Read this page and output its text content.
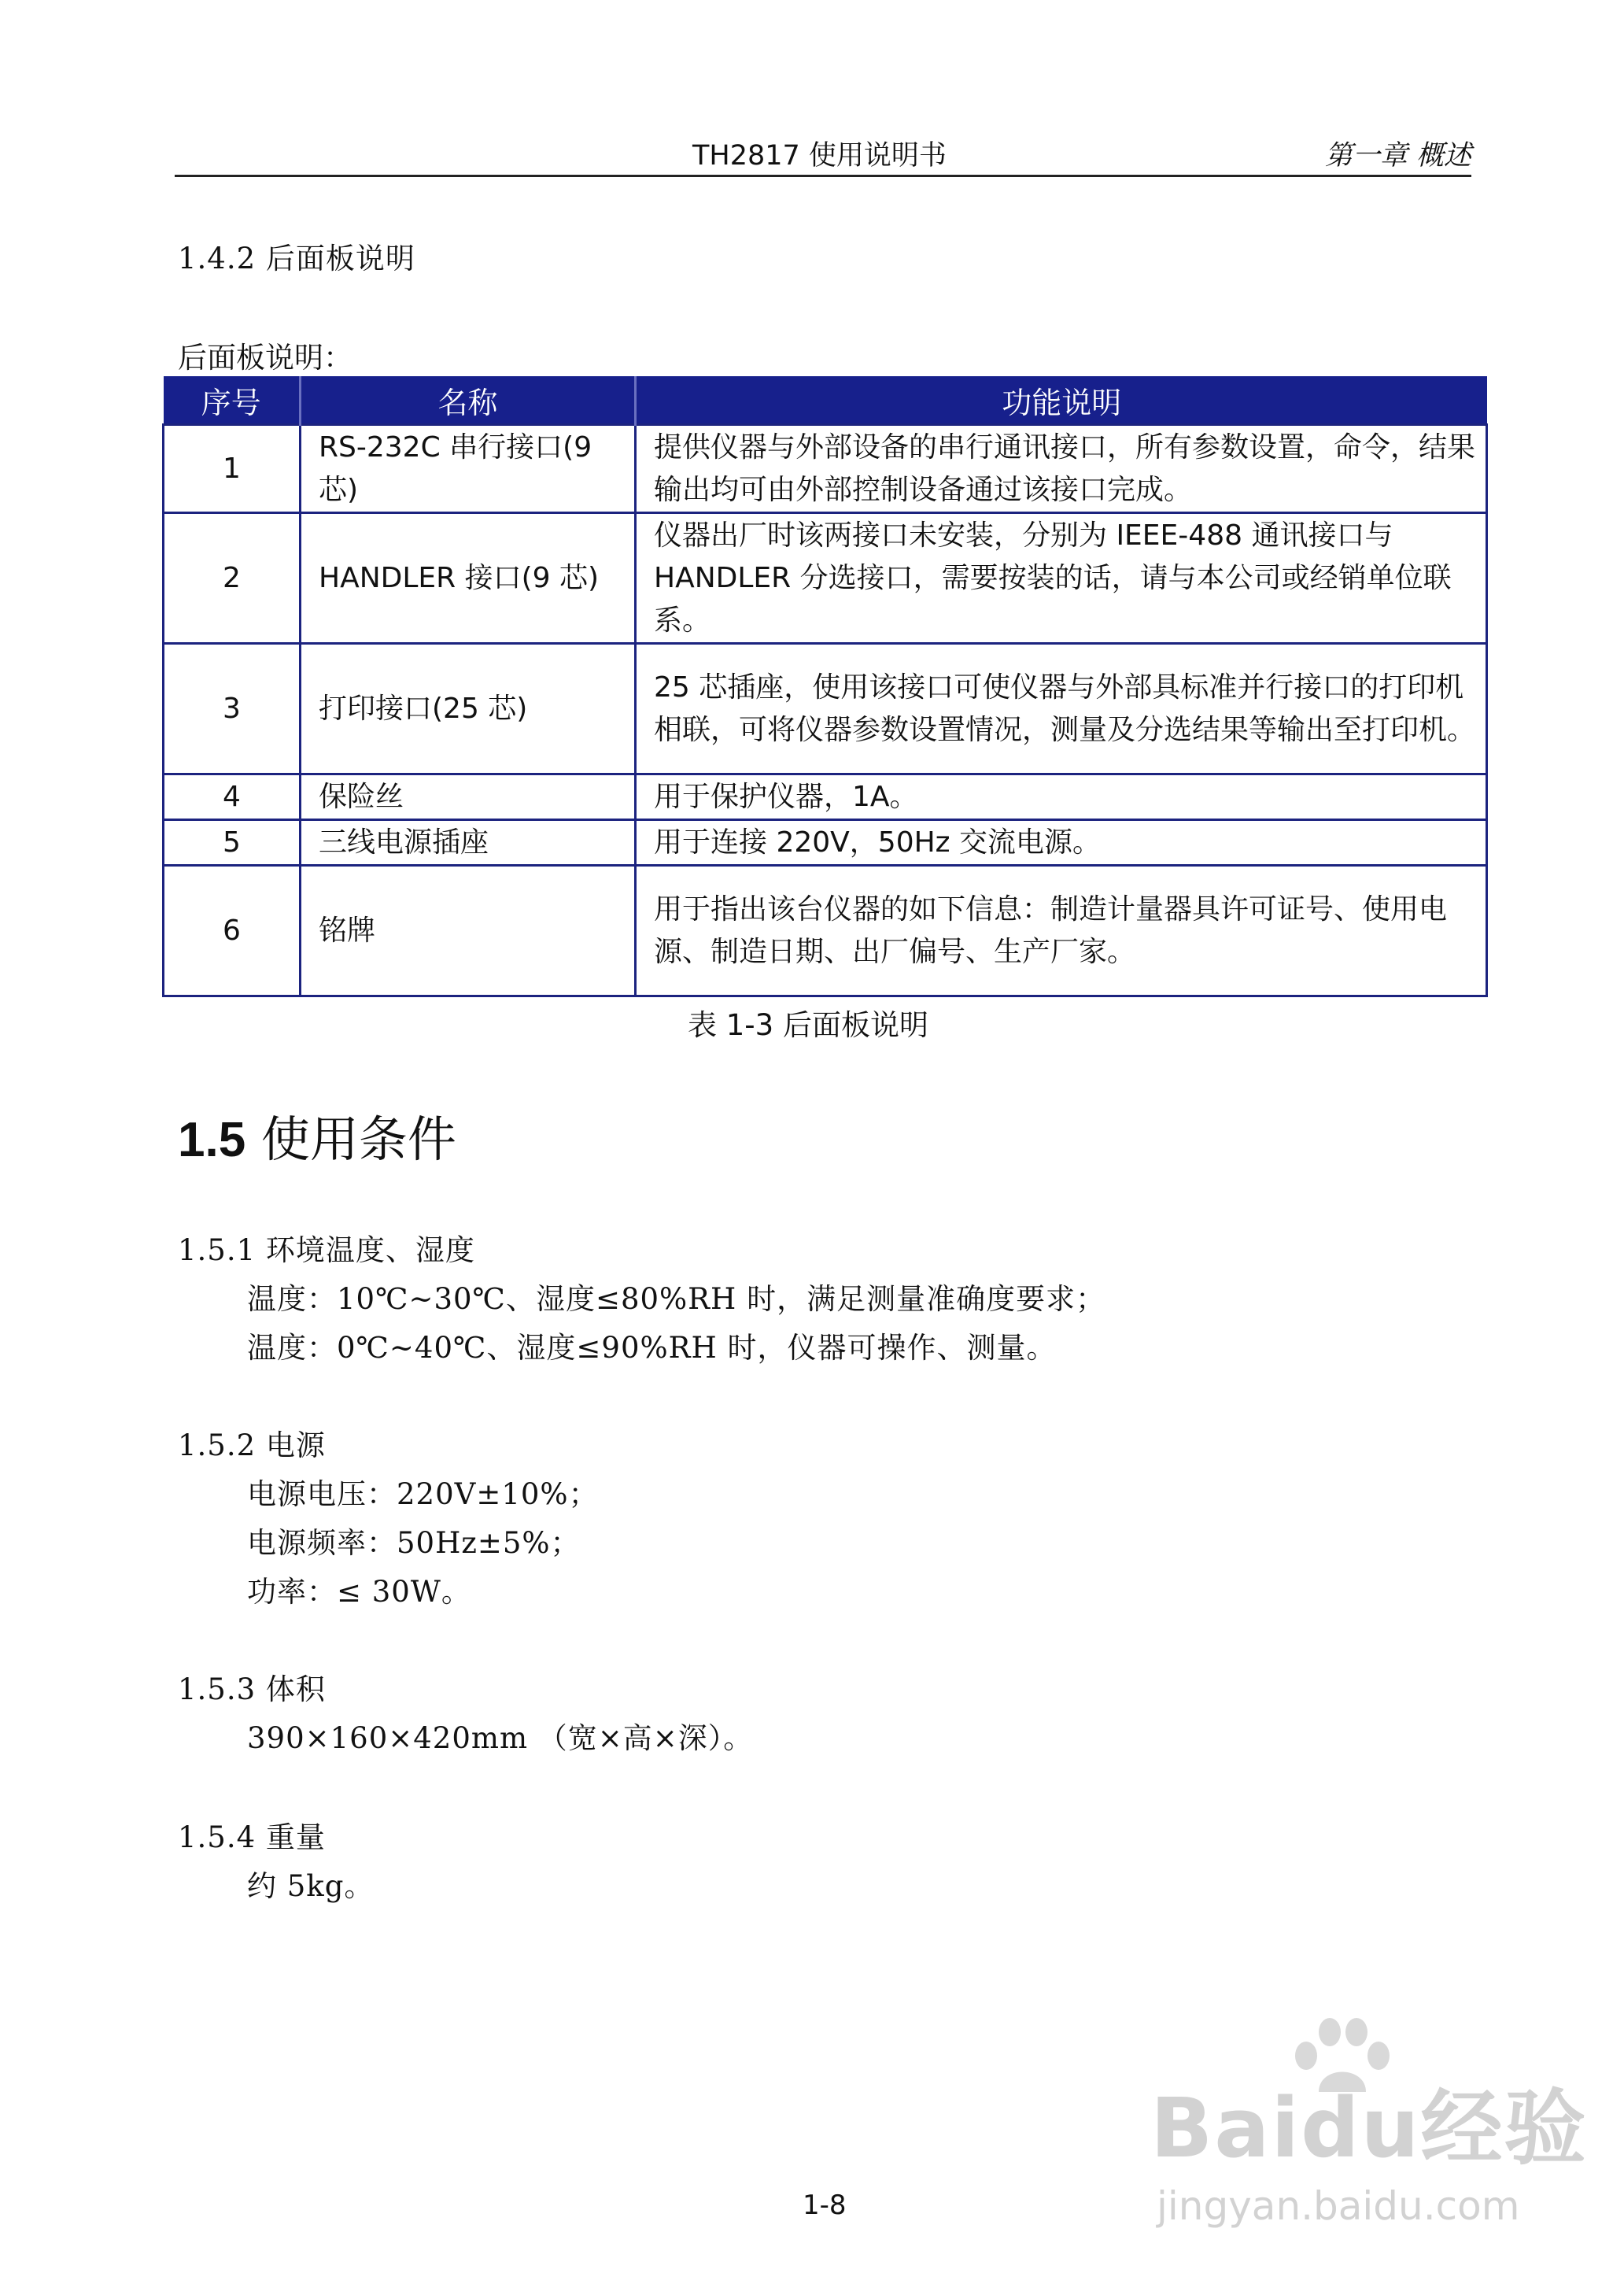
TH2817 使用说明书	第一章 概述
1.4.2 后面板说明
后面板说明：
序号	名称	功能说明
1	RS-232C 串行接口(9 芯)	提供仪器与外部设备的串行通讯接口，所有参数设置，命令，结果输出均可由外部控制设备通过该接口完成。
2	HANDLER 接口(9 芯)	仪器出厂时该两接口未安装，分别为 IEEE-488 通讯接口与 HANDLER 分选接口，需要按装的话，请与本公司或经销单位联系。
3	打印接口(25 芯)	25 芯插座，使用该接口可使仪器与外部具标准并行接口的打印机相联，可将仪器参数设置情况，测量及分选结果等输出至打印机。
4	保险丝	用于保护仪器，1A。
5	三线电源插座	用于连接 220V，50Hz 交流电源。
6	铭牌	用于指出该台仪器的如下信息：制造计量器具许可证号、使用电源、制造日期、出厂偏号、生产厂家。
表 1-3 后面板说明
1.5 使用条件
1.5.1 环境温度、湿度
温度：10℃~30℃、湿度≤80%RH 时，满足测量准确度要求；
温度：0℃~40℃、湿度≤90%RH 时，仪器可操作、测量。
1.5.2 电源
电源电压：220V±10%；
电源频率：50Hz±5%；
功率：≤ 30W。
1.5.3 体积
390×160×420mm （宽×高×深）。
1.5.4 重量
约 5kg。
Baidu经验
jingyan.baidu.com
1-8
